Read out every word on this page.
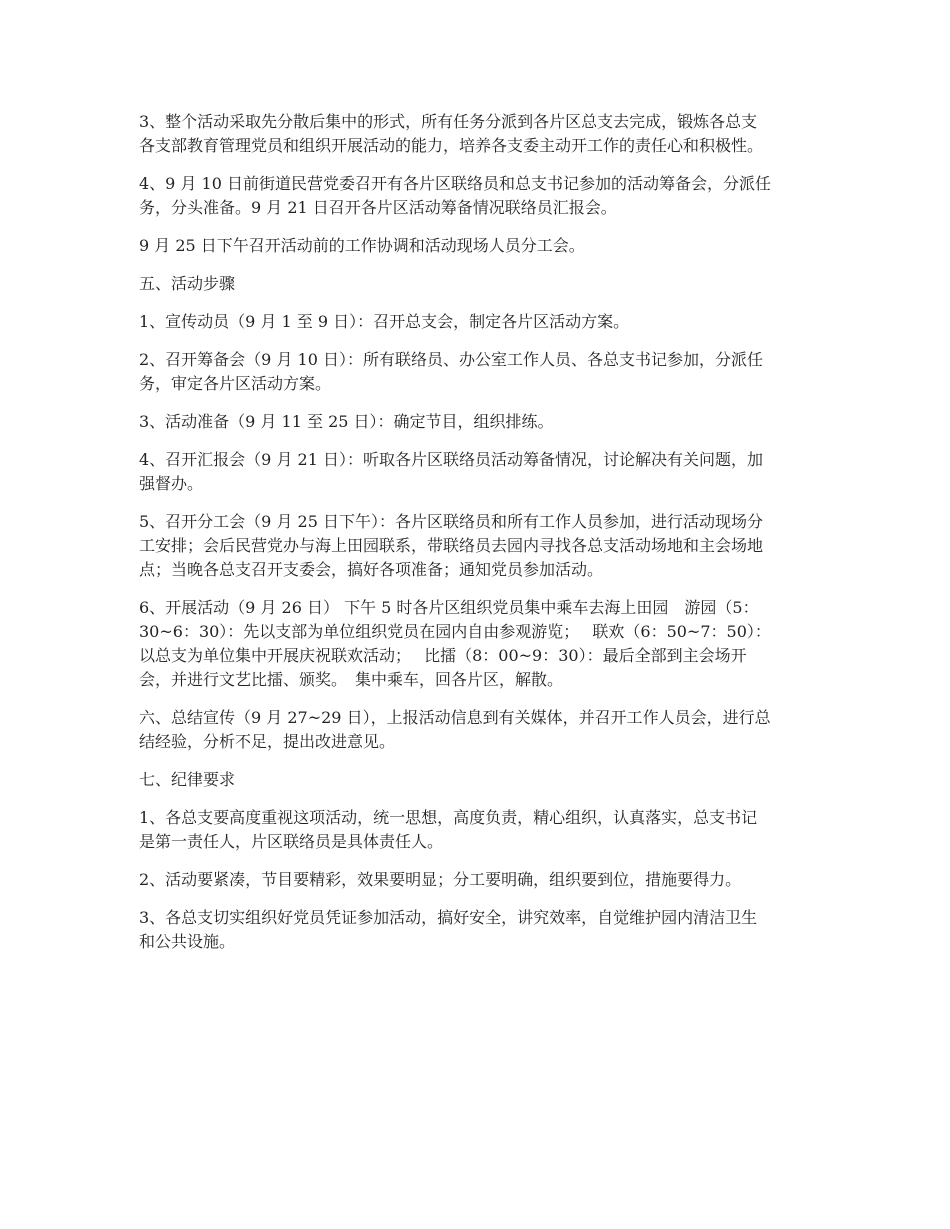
3、整个活动采取先分散后集中的形式，所有任务分派到各片区总支去完成，锻炼各总支
各支部教育管理党员和组织开展活动的能力，培养各支委主动开工作的责任心和积极性。

4、9 月 10 日前街道民营党委召开有各片区联络员和总支书记参加的活动筹备会，分派任
务，分头准备。9 月 21 日召开各片区活动筹备情况联络员汇报会。

9 月 25 日下午召开活动前的工作协调和活动现场人员分工会。

五、活动步骤

1、宣传动员（9 月 1 至 9 日）：召开总支会，制定各片区活动方案。

2、召开筹备会（9 月 10 日）：所有联络员、办公室工作人员、各总支书记参加，分派任
务，审定各片区活动方案。

3、活动准备（9 月 11 至 25 日）：确定节目，组织排练。

4、召开汇报会（9 月 21 日）：听取各片区联络员活动筹备情况，讨论解决有关问题，加
强督办。

5、召开分工会（9 月 25 日下午）：各片区联络员和所有工作人员参加，进行活动现场分
工安排；会后民营党办与海上田园联系，带联络员去园内寻找各总支活动场地和主会场地
点；当晚各总支召开支委会，搞好各项准备；通知党员参加活动。

6、开展活动（9 月 26 日） 下午 5 时各片区组织党员集中乘车去海上田园　游园（5：
30~6：30）：先以支部为单位组织党员在园内自由参观游览；　 联欢（6：50~7：50）：
以总支为单位集中开展庆祝联欢活动；　 比擂（8：00~9：30）：最后全部到主会场开
会，并进行文艺比擂、颁奖。　集中乘车，回各片区，解散。

六、总结宣传（9 月 27~29 日），上报活动信息到有关媒体，并召开工作人员会，进行总
结经验，分析不足，提出改进意见。

七、纪律要求

1、各总支要高度重视这项活动，统一思想，高度负责，精心组织，认真落实，总支书记
是第一责任人，片区联络员是具体责任人。

2、活动要紧凑，节目要精彩，效果要明显；分工要明确，组织要到位，措施要得力。

3、各总支切实组织好党员凭证参加活动，搞好安全，讲究效率，自觉维护园内清洁卫生
和公共设施。
